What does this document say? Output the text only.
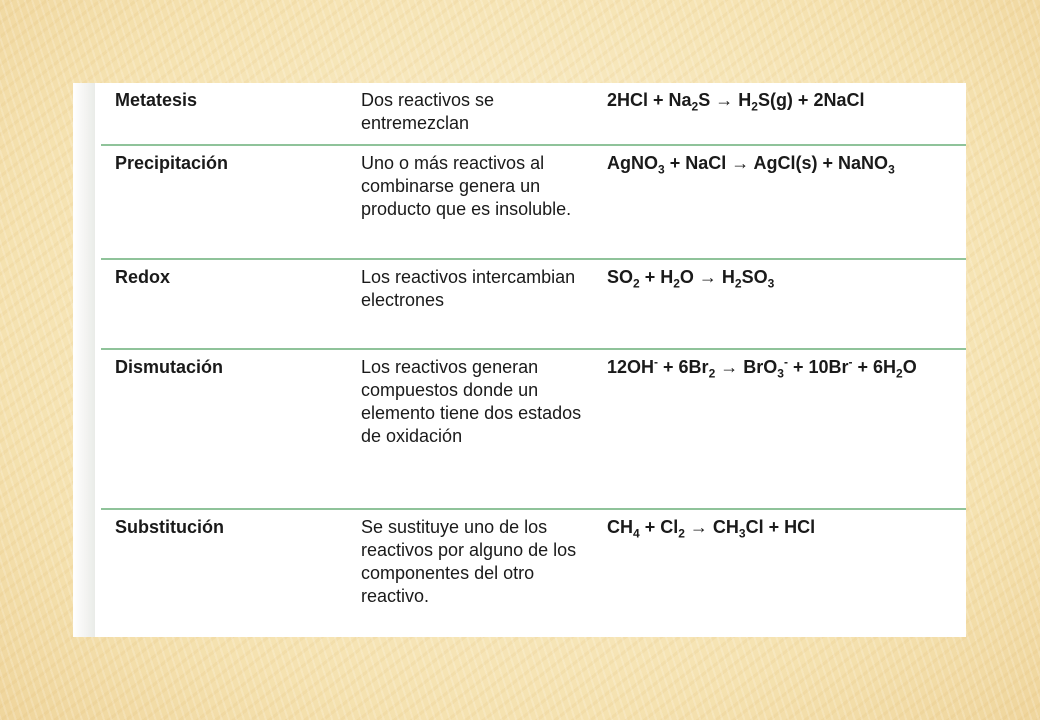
Metatesis	Dos reactivos se entremezclan	$2HCl + Na_2S \to H_2S(g)$ + 2NaCl
Precipitación	Uno o más reactivos al combinarse genera un producto que es insoluble.	AgNO$_3$ + NaCl → AgCl(s) + NaNO$_3$
Redox	Los reactivos intercambian electrones	$SO_2 + H_2O \to H_2SO_3$
Dismutación	Los reactivos generan compuestos donde un elemento tiene dos estados de oxidación	$12OH^- + 6Br_2 \to BrO_3^- + 10Br^- + 6H_2O$
Substitución	Se sustituye uno de los reactivos por alguno de los componentes del otro reactivo.	$CH_4 + Cl_2 \to CH_3Cl$ + HCl
